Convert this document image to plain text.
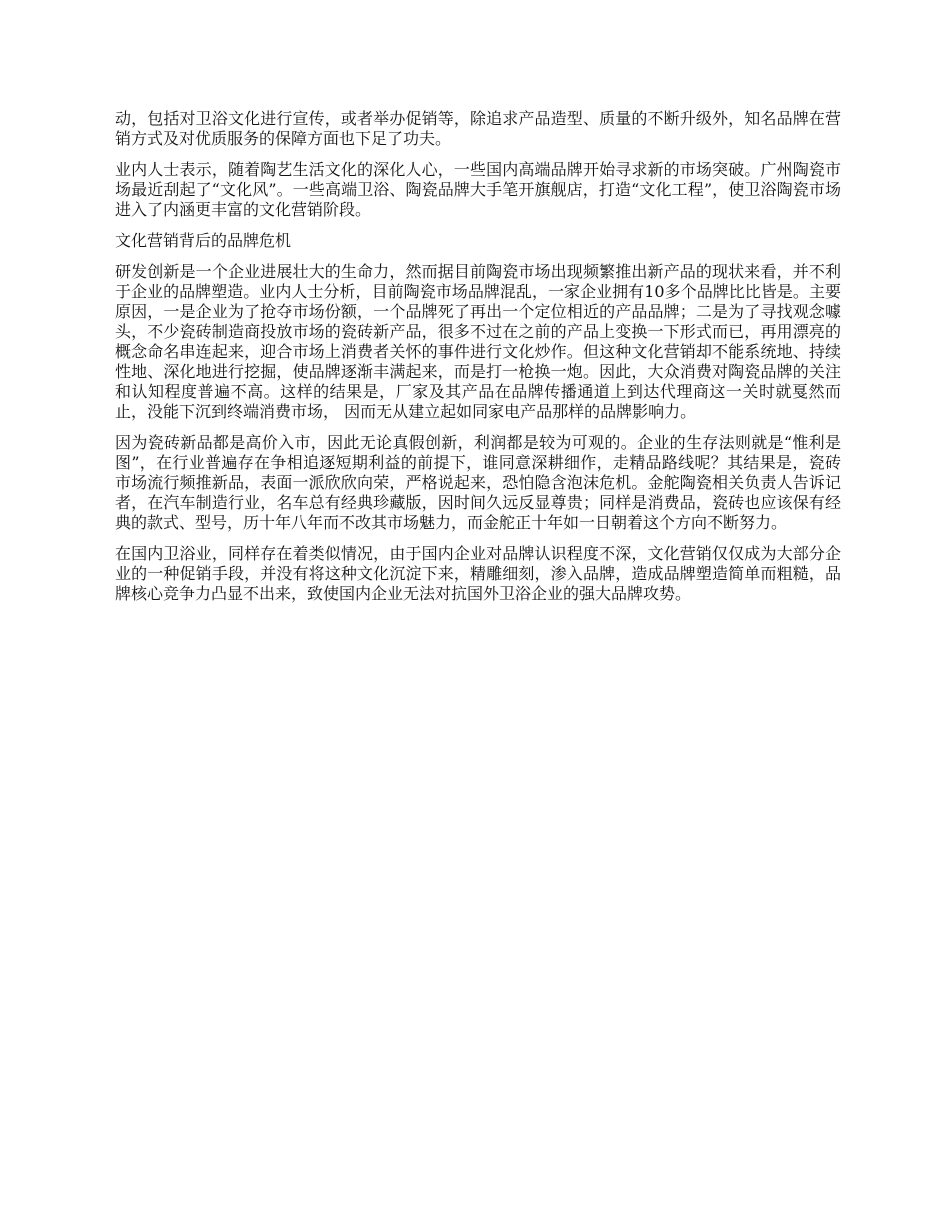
动，包括对卫浴文化进行宣传，或者举办促销等，除追求产品造型、质量的不断升级外，知名品牌在营销方式及对优质服务的保障方面也下足了功夫。

业内人士表示，随着陶艺生活文化的深化人心，一些国内高端品牌开始寻求新的市场突破。广州陶瓷市场最近刮起了“文化风”。一些高端卫浴、陶瓷品牌大手笔开旗舰店，打造“文化工程”，使卫浴陶瓷市场进入了内涵更丰富的文化营销阶段。

文化营销背后的品牌危机

研发创新是一个企业进展壮大的生命力，然而据目前陶瓷市场出现频繁推出新产品的现状来看，并不利于企业的品牌塑造。业内人士分析，目前陶瓷市场品牌混乱，一家企业拥有10多个品牌比比皆是。主要原因，一是企业为了抢夺市场份额，一个品牌死了再出一个定位相近的产品品牌；二是为了寻找观念噱头，不少瓷砖制造商投放市场的瓷砖新产品，很多不过在之前的产品上变换一下形式而已，再用漂亮的概念命名串连起来，迎合市场上消费者关怀的事件进行文化炒作。但这种文化营销却不能系统地、持续性地、深化地进行挖掘，使品牌逐渐丰满起来，而是打一枪换一炮。因此，大众消费对陶瓷品牌的关注和认知程度普遍不高。这样的结果是，厂家及其产品在品牌传播通道上到达代理商这一关时就戛然而止，没能下沉到终端消费市场， 因而无从建立起如同家电产品那样的品牌影响力。

因为瓷砖新品都是高价入市，因此无论真假创新，利润都是较为可观的。企业的生存法则就是“惟利是图”，在行业普遍存在争相追逐短期利益的前提下，谁同意深耕细作，走精品路线呢？其结果是，瓷砖市场流行频推新品，表面一派欣欣向荣，严格说起来，恐怕隐含泡沫危机。金舵陶瓷相关负责人告诉记者，在汽车制造行业，名车总有经典珍藏版，因时间久远反显尊贵；同样是消费品，瓷砖也应该保有经典的款式、型号，历十年八年而不改其市场魅力，而金舵正十年如一日朝着这个方向不断努力。

在国内卫浴业，同样存在着类似情况，由于国内企业对品牌认识程度不深，文化营销仅仅成为大部分企业的一种促销手段，并没有将这种文化沉淀下来，精雕细刻，渗入品牌，造成品牌塑造简单而粗糙，品牌核心竞争力凸显不出来，致使国内企业无法对抗国外卫浴企业的强大品牌攻势。
